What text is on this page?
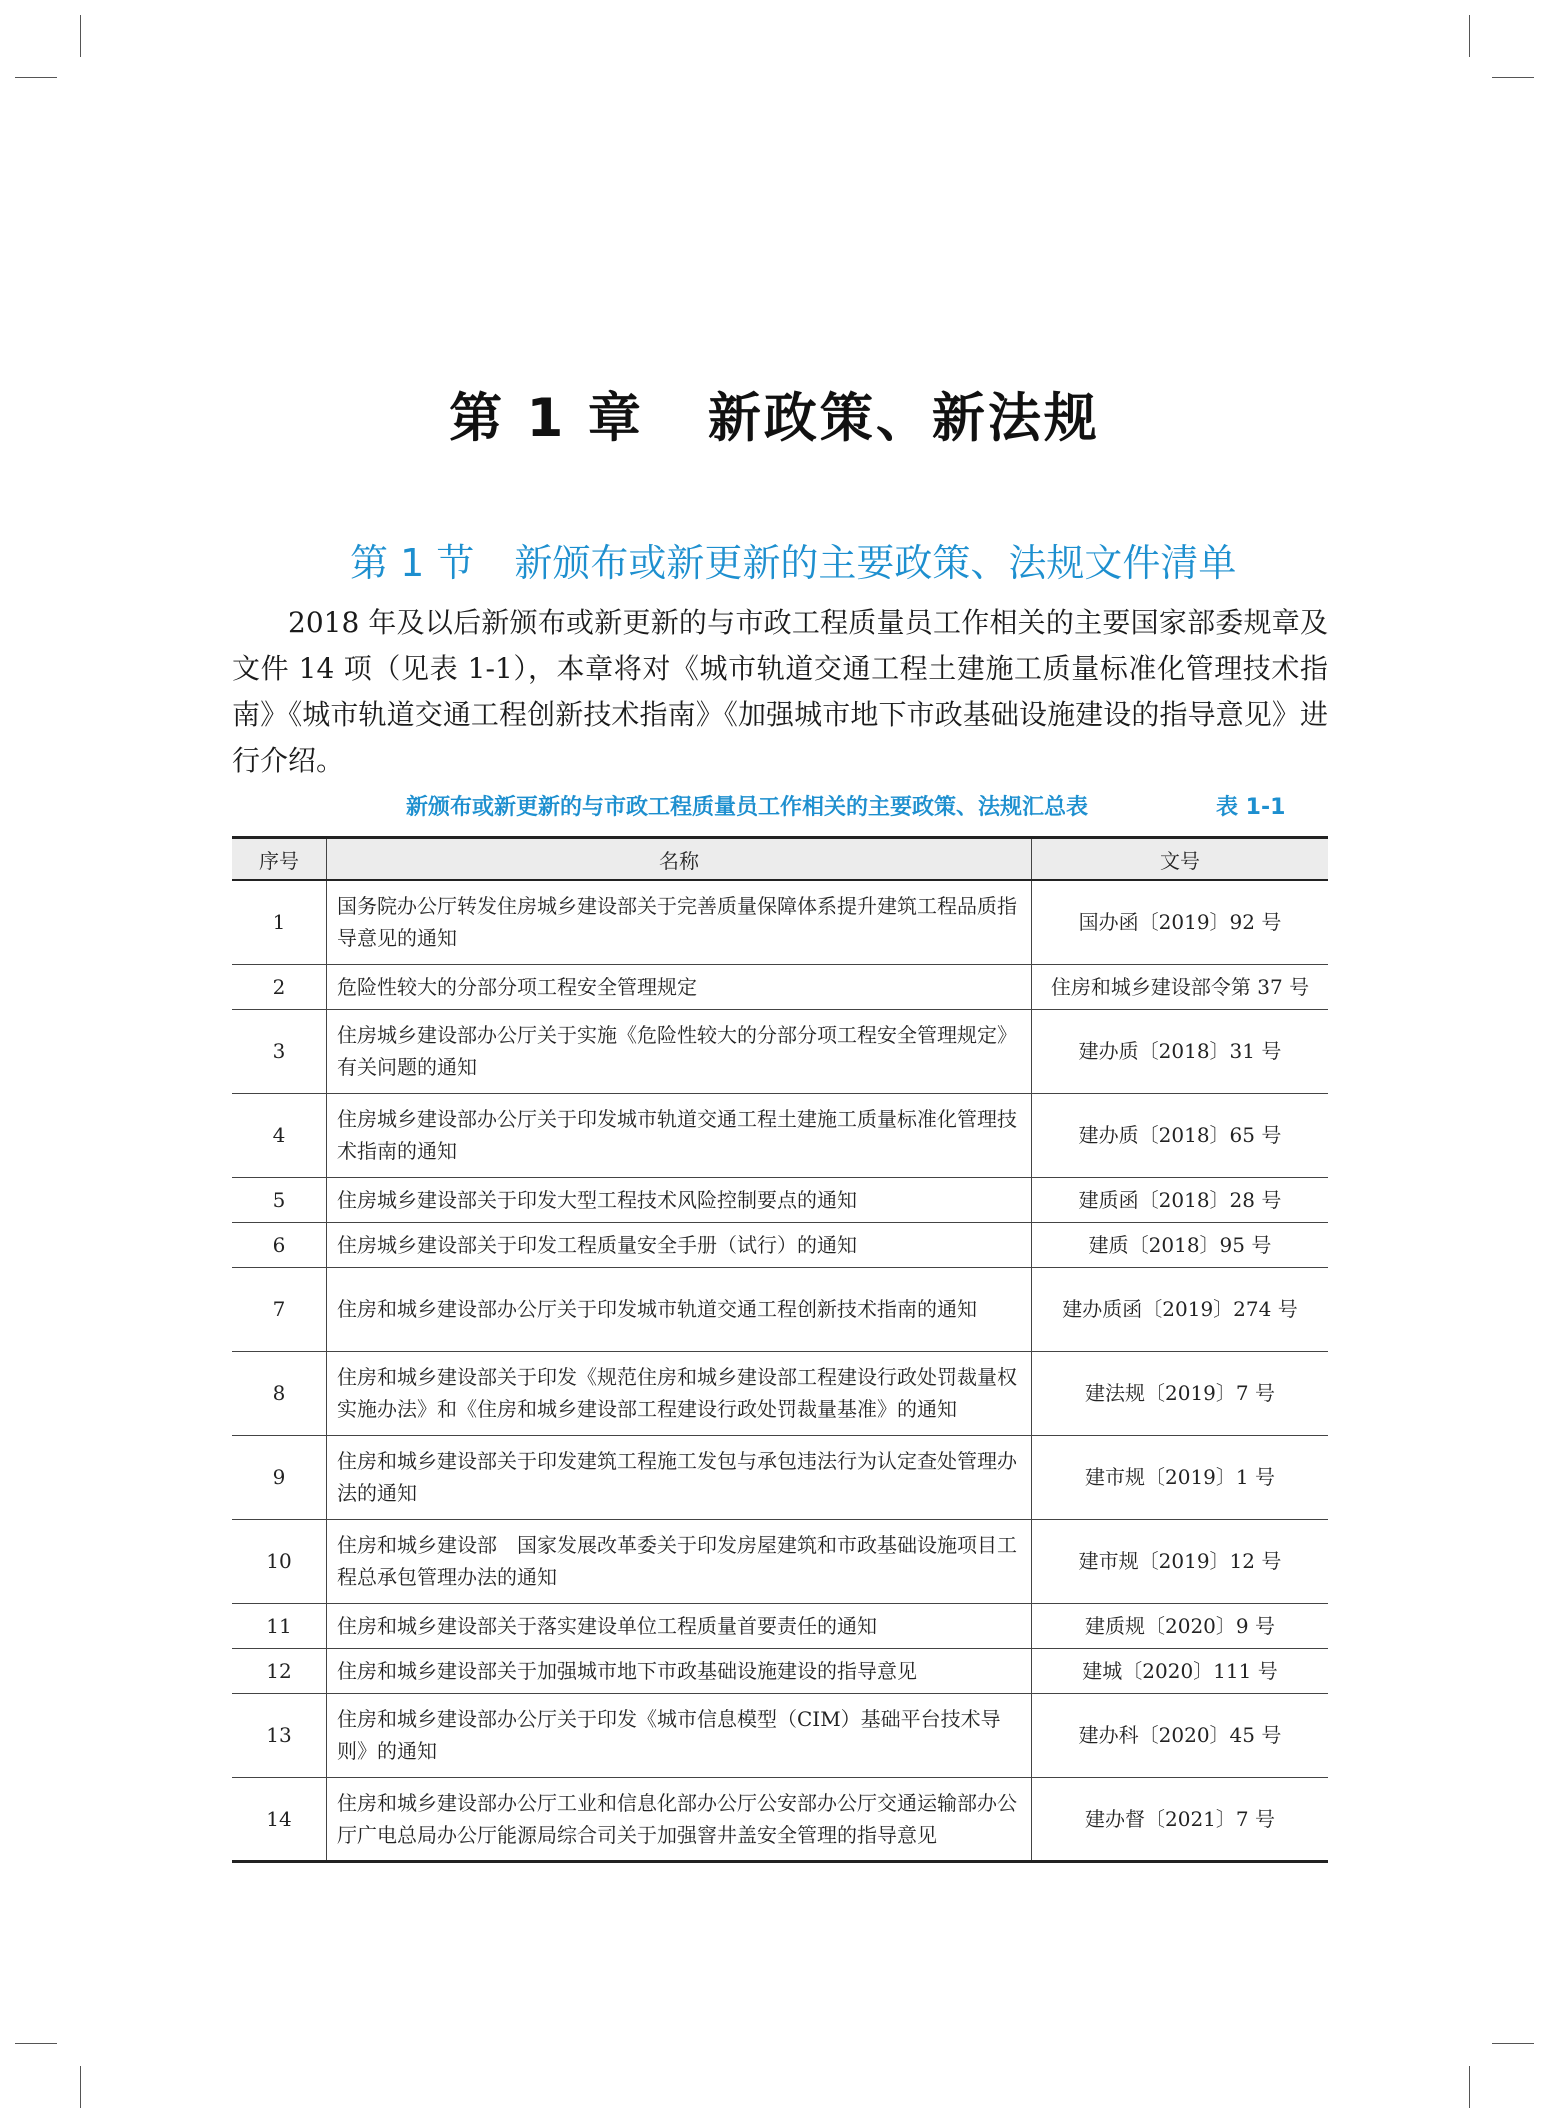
第 1 章 新政策、新法规
第 1 节 新颁布或新更新的主要政策、法规文件清单

2018 年及以后新颁布或新更新的与市政工程质量员工作相关的主要国家部委规章及文件 14 项（见表 1-1），本章将对《城市轨道交通工程土建施工质量标准化管理技术指南》《城市轨道交通工程创新技术指南》《加强城市地下市政基础设施建设的指导意见》进行介绍。

新颁布或新更新的与市政工程质量员工作相关的主要政策、法规汇总表	表 1-1
序号	名称	文号
1	国务院办公厅转发住房城乡建设部关于完善质量保障体系提升建筑工程品质指导意见的通知	国办函〔2019〕92 号
2	危险性较大的分部分项工程安全管理规定	住房和城乡建设部令第 37 号
3	住房城乡建设部办公厅关于实施《危险性较大的分部分项工程安全管理规定》有关问题的通知	建办质〔2018〕31 号
4	住房城乡建设部办公厅关于印发城市轨道交通工程土建施工质量标准化管理技术指南的通知	建办质〔2018〕65 号
5	住房城乡建设部关于印发大型工程技术风险控制要点的通知	建质函〔2018〕28 号
6	住房城乡建设部关于印发工程质量安全手册（试行）的通知	建质〔2018〕95 号
7	住房和城乡建设部办公厅关于印发城市轨道交通工程创新技术指南的通知	建办质函〔2019〕274 号
8	住房和城乡建设部关于印发《规范住房和城乡建设部工程建设行政处罚裁量权实施办法》和《住房和城乡建设部工程建设行政处罚裁量基准》的通知	建法规〔2019〕7 号
9	住房和城乡建设部关于印发建筑工程施工发包与承包违法行为认定查处管理办法的通知	建市规〔2019〕1 号
10	住房和城乡建设部　国家发展改革委关于印发房屋建筑和市政基础设施项目工程总承包管理办法的通知	建市规〔2019〕12 号
11	住房和城乡建设部关于落实建设单位工程质量首要责任的通知	建质规〔2020〕9 号
12	住房和城乡建设部关于加强城市地下市政基础设施建设的指导意见	建城〔2020〕111 号
13	住房和城乡建设部办公厅关于印发《城市信息模型（CIM）基础平台技术导则》的通知	建办科〔2020〕45 号
14	住房和城乡建设部办公厅工业和信息化部办公厅公安部办公厅交通运输部办公厅广电总局办公厅能源局综合司关于加强窨井盖安全管理的指导意见	建办督〔2021〕7 号
